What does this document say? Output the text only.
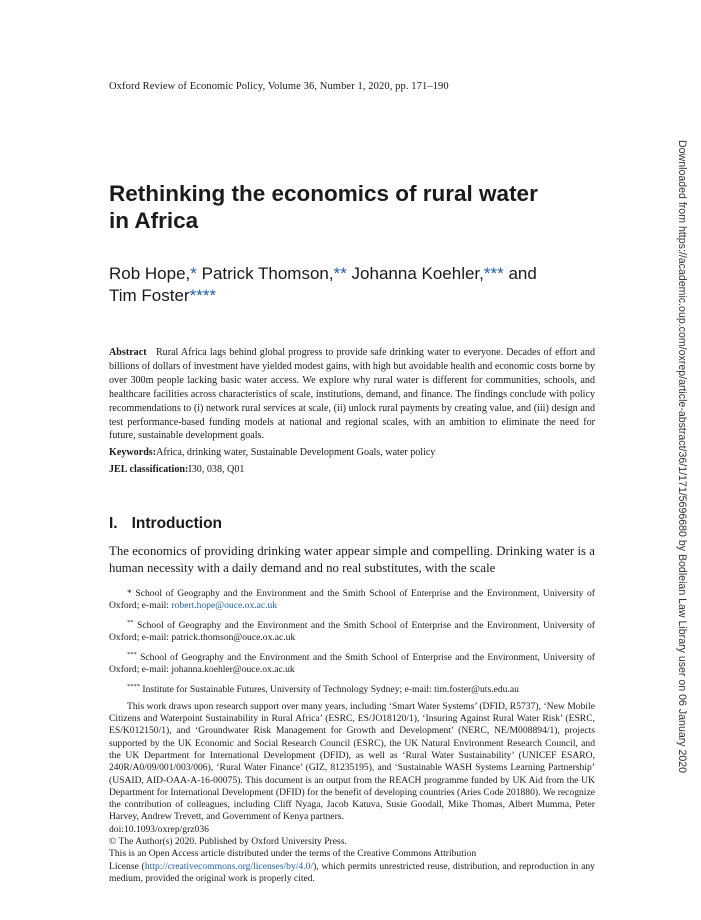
Oxford Review of Economic Policy, Volume 36, Number 1, 2020, pp. 171–190
Downloaded from https://academic.oup.com/oxrep/article-abstract/36/1/171/5696680 by Bodleian Law Library user on 06 January 2020
Rethinking the economics of rural water
in Africa

Rob Hope,* Patrick Thomson,** Johanna Koehler,*** and
Tim Foster****

Abstract Rural Africa lags behind global progress to provide safe drinking water to everyone. Decades of effort and billions of dollars of investment have yielded modest gains, with high but avoidable health and economic costs borne by over 300m people lacking basic water access. We explore why rural water is different for communities, schools, and healthcare facilities across characteristics of scale, institutions, demand, and finance. The findings conclude with policy recommendations to (i) network rural services at scale, (ii) unlock rural payments by creating value, and (iii) design and test performance-based funding models at national and regional scales, with an ambition to eliminate the need for future, sustainable development goals.

Keywords:Africa, drinking water, Sustainable Development Goals, water policy
JEL classification:I30, 038, Q01
I. Introduction

The economics of providing drinking water appear simple and compelling. Drinking water is a human necessity with a daily demand and no real substitutes, with the scale

* School of Geography and the Environment and the Smith School of Enterprise and the Environment, University of Oxford; e-mail: robert.hope@ouce.ox.ac.uk

** School of Geography and the Environment and the Smith School of Enterprise and the Environment, University of Oxford; e-mail: patrick.thomson@ouce.ox.ac.uk

*** School of Geography and the Environment and the Smith School of Enterprise and the Environment, University of Oxford; e-mail: johanna.koehler@ouce.ox.ac.uk

**** Institute for Sustainable Futures, University of Technology Sydney; e-mail: tim.foster@uts.edu.au

This work draws upon research support over many years, including ‘Smart Water Systems’ (DFID, R5737), ‘New Mobile Citizens and Waterpoint Sustainability in Rural Africa’ (ESRC, ES/JO18120/1), ‘Insuring Against Rural Water Risk’ (ESRC, ES/K012150/1), and ‘Groundwater Risk Management for Growth and Development’ (NERC, NE/M008894/1), projects supported by the UK Economic and Social Research Council (ESRC), the UK Natural Environment Research Council, and the UK Department for International Development (DFID), as well as ‘Rural Water Sustainability’ (UNICEF ESARO, 240R/A0/09/001/003/006), ‘Rural Water Finance’ (GIZ, 81235195), and ‘Sustainable WASH Systems Learning Partnership’ (USAID, AID-OAA-A-16-00075). This document is an output from the REACH programme funded by UK Aid from the UK Department for International Development (DFID) for the benefit of developing countries (Aries Code 201880). We recognize the contribution of colleagues, including Cliff Nyaga, Jacob Katuva, Susie Goodall, Mike Thomas, Albert Mumma, Peter Harvey, Andrew Trevett, and Government of Kenya partners.

doi:10.1093/oxrep/grz036

© The Author(s) 2020. Published by Oxford University Press.

This is an Open Access article distributed under the terms of the Creative Commons Attribution

License (http://creativecommons.org/licenses/by/4.0/), which permits unrestricted reuse, distribution, and reproduction in any medium, provided the original work is properly cited.
